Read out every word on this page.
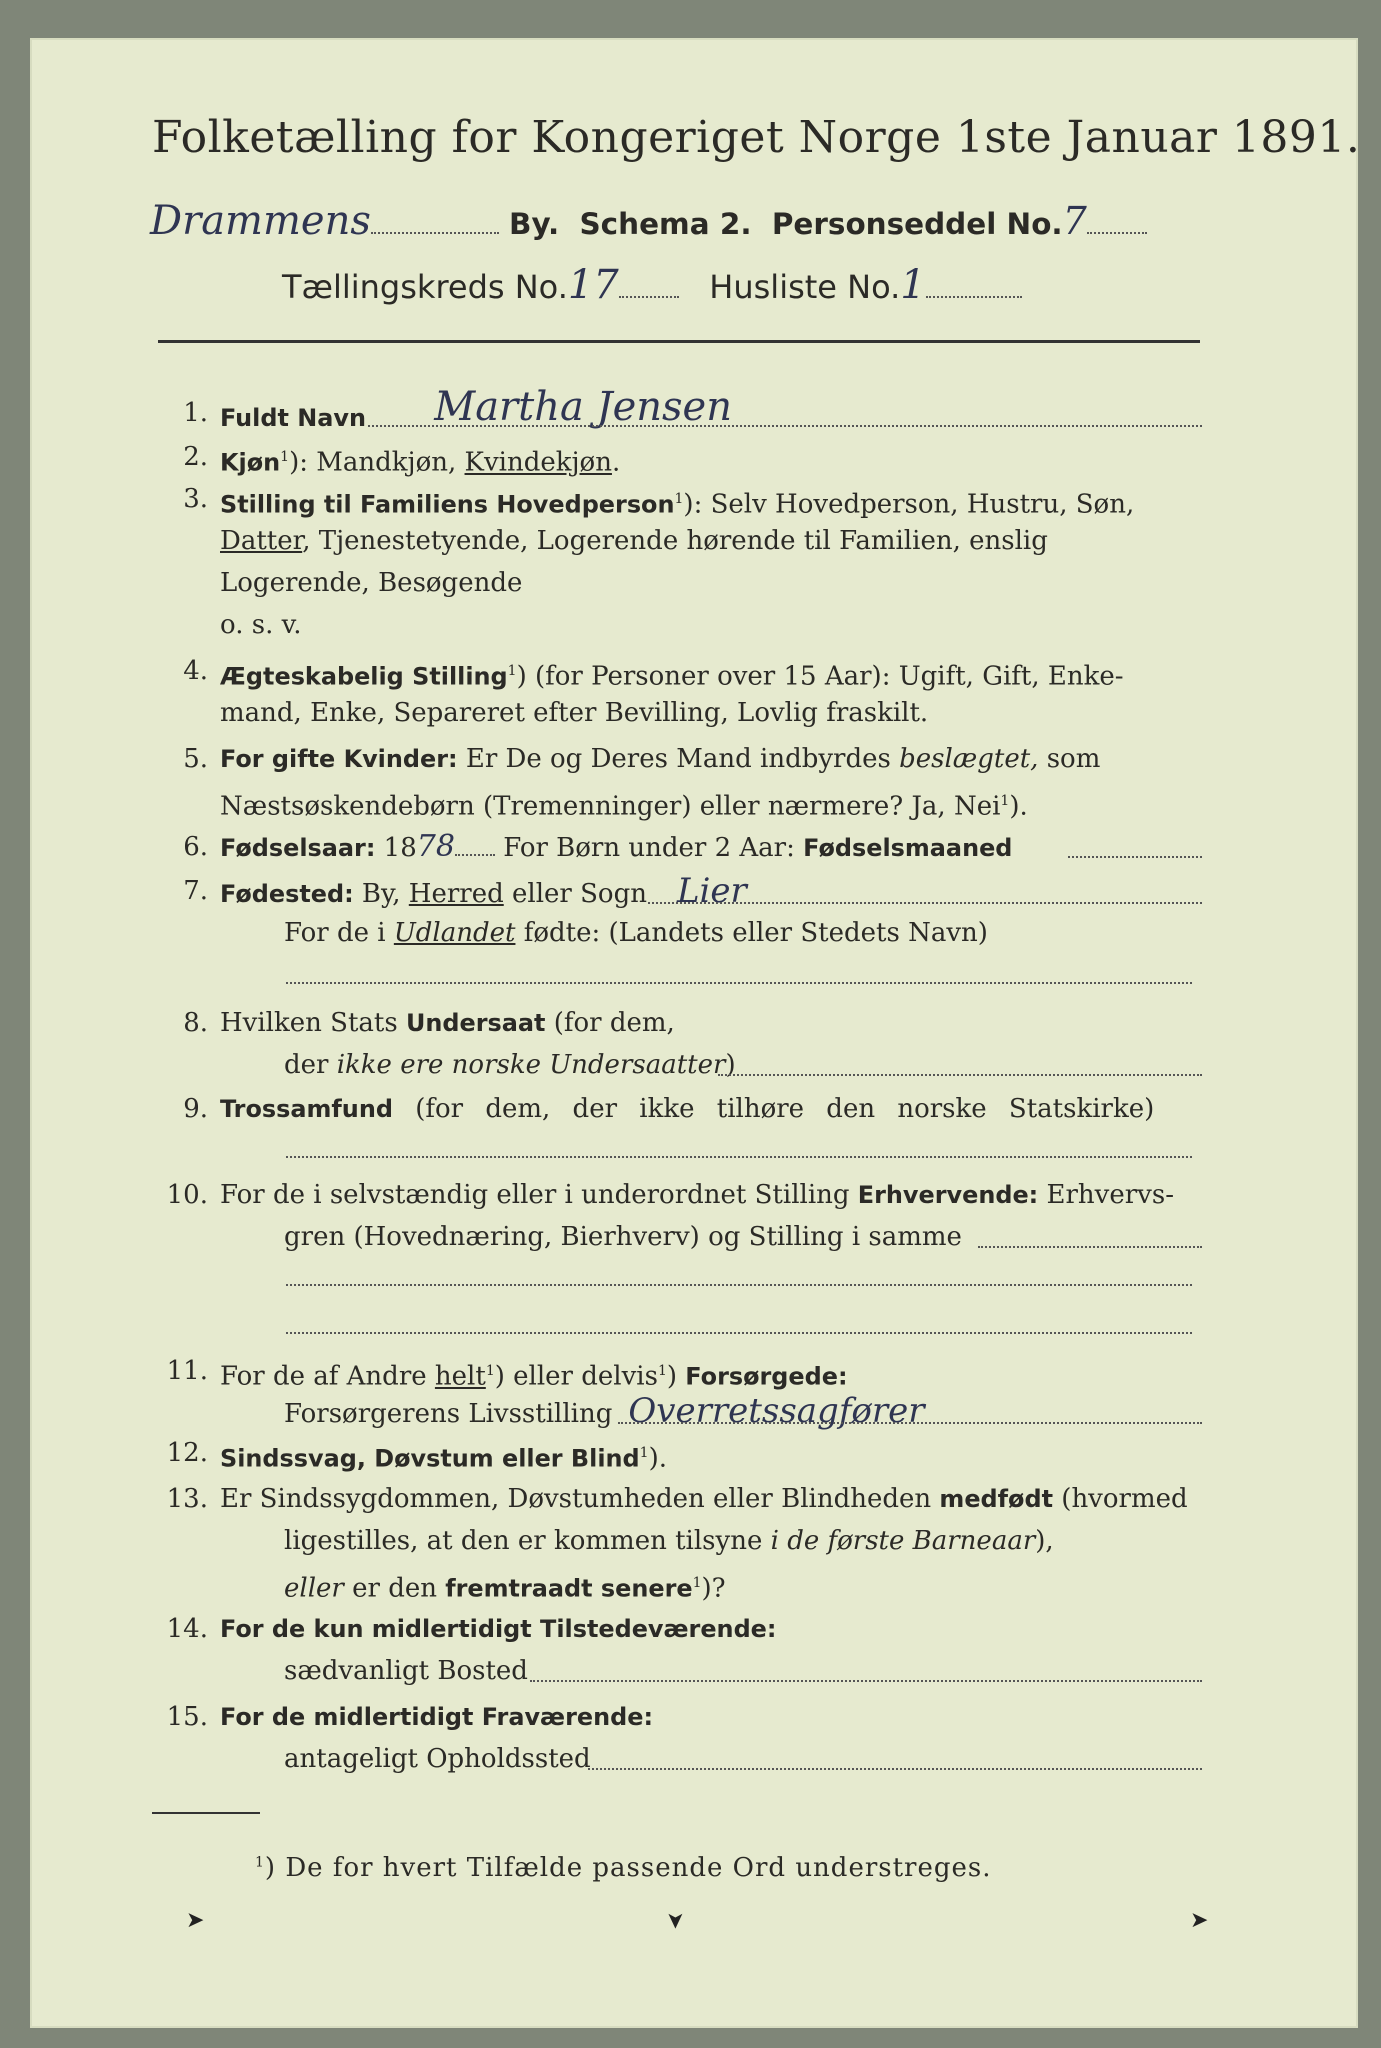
Folketælling for Kongeriget Norge 1ste Januar 1891.
Drammens	By. Schema 2. Personseddel No.7
Tællingskreds No.17	Husliste No.1
1. Fuldt Navn Martha Jensen
2. Kjøn$^1$): Mandkjøn, Kvindekjøn.
3. Stilling til Familiens Hovedperson$^1$): Selv Hovedperson, Hustru, Søn,
Datter, Tjenestetyende, Logerende hørende til Familien, enslig
Logerende, Besøgende
o. s. v.
4. Ægteskabelig Stilling$^1$) (for Personer over 15 Aar): Ugift, Gift, Enke-
mand, Enke, Separeret efter Bevilling, Lovlig fraskilt.
5. For gifte Kvinder: Er De og Deres Mand indbyrdes beslægtet, som
Næstsøskendebørn (Tremenninger) eller nærmere? Ja, Nei$^1$).
6. Fødselsaar: 1878 For Børn under 2 Aar: Fødselsmaaned
7. Fødested: By, Herred eller Sogn Lier
For de i Udlandet fødte: (Landets eller Stedets Navn)
8. Hvilken Stats Undersaat (for dem,
der ikke ere norske Undersaatter)
9. Trossamfund (for dem, der ikke tilhøre den norske Statskirke)
10. For de i selvstændig eller i underordnet Stilling Erhvervende: Erhvervs-
gren (Hovednæring, Bierhverv) og Stilling i samme
11. For de af Andre helt$^1$) eller delvis$^1$) Forsørgede:
Forsørgerens Livsstilling Overretssagfører
12. Sindssvag, Døvstum eller Blind$^1$).
13. Er Sindssygdommen, Døvstumheden eller Blindheden medfødt (hvormed
ligestilles, at den er kommen tilsyne i de første Barneaar),
eller er den fremtraadt senere$^1$)?
14. For de kun midlertidigt Tilstedeværende:
sædvanligt Bosted
15. For de midlertidigt Fraværende:
antageligt Opholdssted
$^1$) De for hvert Tilfælde passende Ord understreges.
➤	➤	➤
